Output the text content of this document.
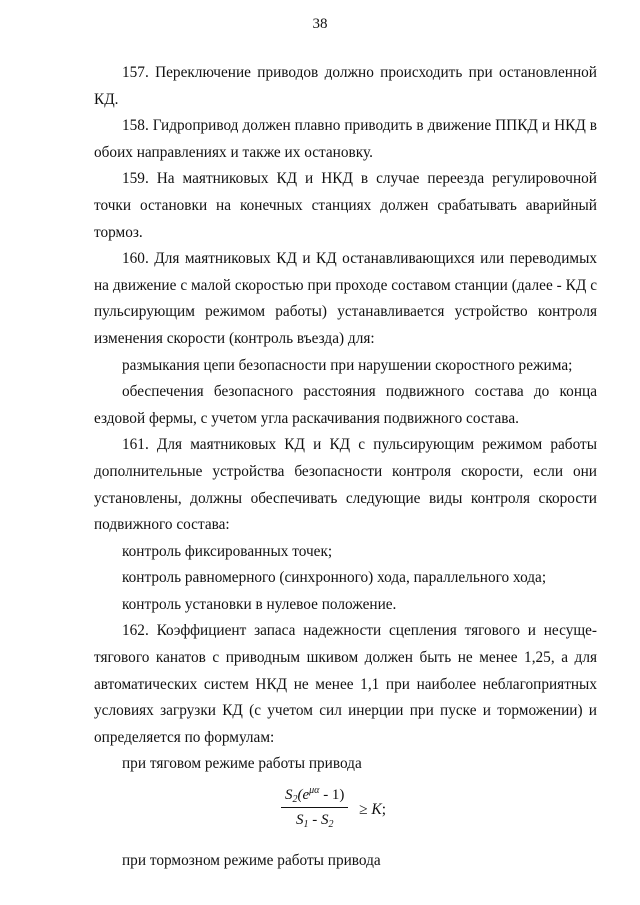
38

157. Переключение приводов должно происходить при остановленной КД.

158. Гидропривод должен плавно приводить в движение ППКД и НКД в обоих направлениях и также их остановку.

159. На маятниковых КД и НКД в случае переезда регулировочной точки остановки на конечных станциях должен срабатывать аварийный тормоз.

160. Для маятниковых КД и КД останавливающихся или переводимых на движение с малой скоростью при проходе составом станции (далее - КД с пульсирующим режимом работы) устанавливается устройство контроля изменения скорости (контроль въезда) для:

размыкания цепи безопасности при нарушении скоростного режима;

обеспечения безопасного расстояния подвижного состава до конца ездовой фермы, с учетом угла раскачивания подвижного состава.

161. Для маятниковых КД и КД с пульсирующим режимом работы дополнительные устройства безопасности контроля скорости, если они установлены, должны обеспечивать следующие виды контроля скорости подвижного состава:

контроль фиксированных точек;

контроль равномерного (синхронного) хода, параллельного хода;

контроль установки в нулевое положение.

162. Коэффициент запаса надежности сцепления тягового и несуще-тягового канатов с приводным шкивом должен быть не менее 1,25, а для автоматических систем НКД не менее 1,1 при наиболее неблагоприятных условиях загрузки КД (с учетом сил инерции при пуске и торможении) и определяется по формулам:

при тяговом режиме работы привода

$S_2(e^{\mu\alpha} - 1)$
$S_1 - S_2$
≥ K;

при тормозном режиме работы привода
